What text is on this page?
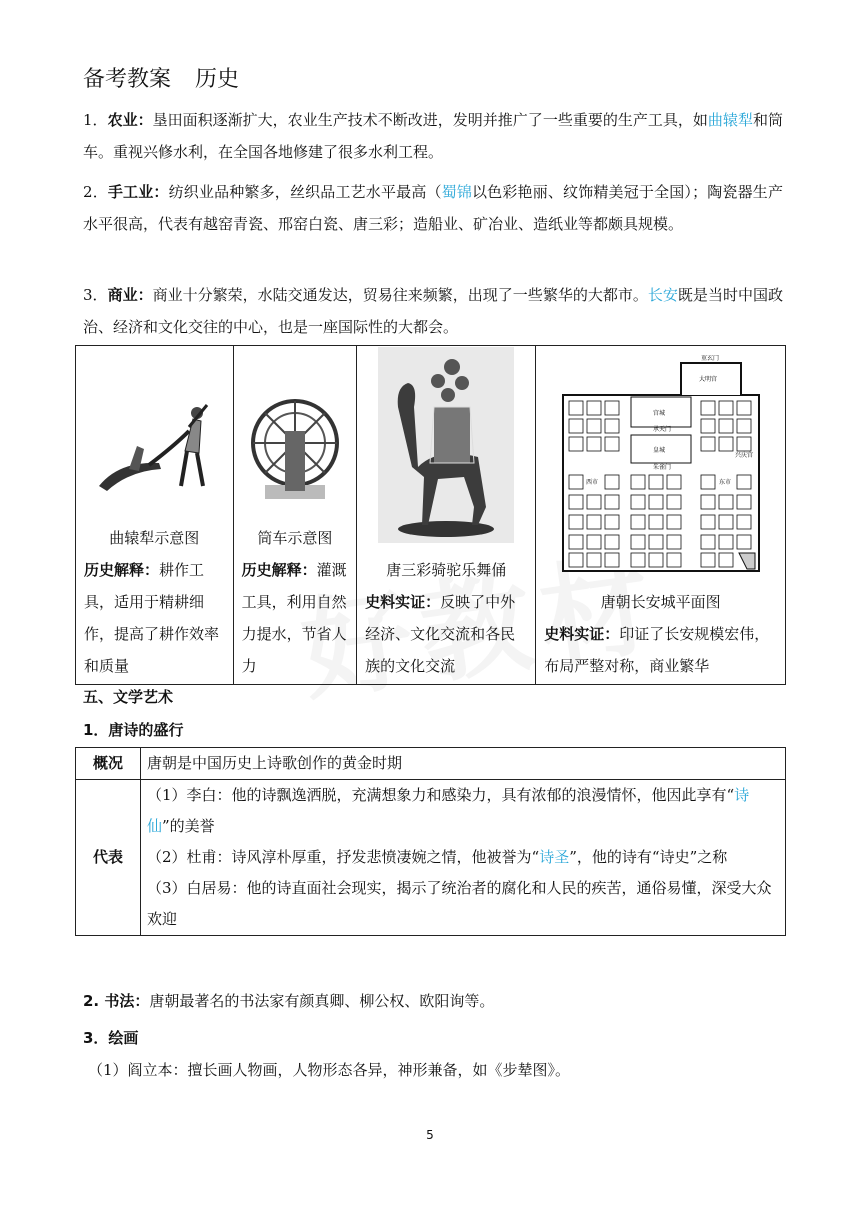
备考教案 历史
1．农业：垦田面积逐渐扩大，农业生产技术不断改进，发明并推广了一些重要的生产工具，如曲辕犁和筒车。重视兴修水利，在全国各地修建了很多水利工程。
2．手工业：纺织业品种繁多，丝织品工艺水平最高（蜀锦以色彩艳丽、纹饰精美冠于全国）；陶瓷器生产水平很高，代表有越窑青瓷、邢窑白瓷、唐三彩；造船业、矿冶业、造纸业等都颇具规模。
3．商业：商业十分繁荣，水陆交通发达，贸易往来频繁，出现了一些繁华的大都市。长安既是当时中国政治、经济和文化交往的中心，也是一座国际性的大都会。
曲辕犁示意图
历史解释：耕作工具，适用于精耕细作，提高了耕作效率和质量

筒车示意图
历史解释：灌溉工具，利用自然力提水，节省人力

唐三彩骑驼乐舞俑
史料实证：反映了中外经济、文化交流和各民族的文化交流

重玄门
大明宫
宫城
承天门
皇城
朱雀门
西市	东市
兴庆宫
唐朝长安城平面图
史料实证：印证了长安规模宏伟，布局严整对称，商业繁华
五、文学艺术
1．唐诗的盛行
概况	唐朝是中国历史上诗歌创作的黄金时期
代表	（1）李白：他的诗飘逸洒脱，充满想象力和感染力，具有浓郁的浪漫情怀，他因此享有“诗仙”的美誉
（2）杜甫：诗风淳朴厚重，抒发悲愤凄婉之情，他被誉为“诗圣”，他的诗有“诗史”之称
（3）白居易：他的诗直面社会现实，揭示了统治者的腐化和人民的疾苦，通俗易懂，深受大众欢迎
2. 书法：唐朝最著名的书法家有颜真卿、柳公权、欧阳询等。
3．绘画
（1）阎立本：擅长画人物画，人物形态各异，神形兼备，如《步辇图》。
5
